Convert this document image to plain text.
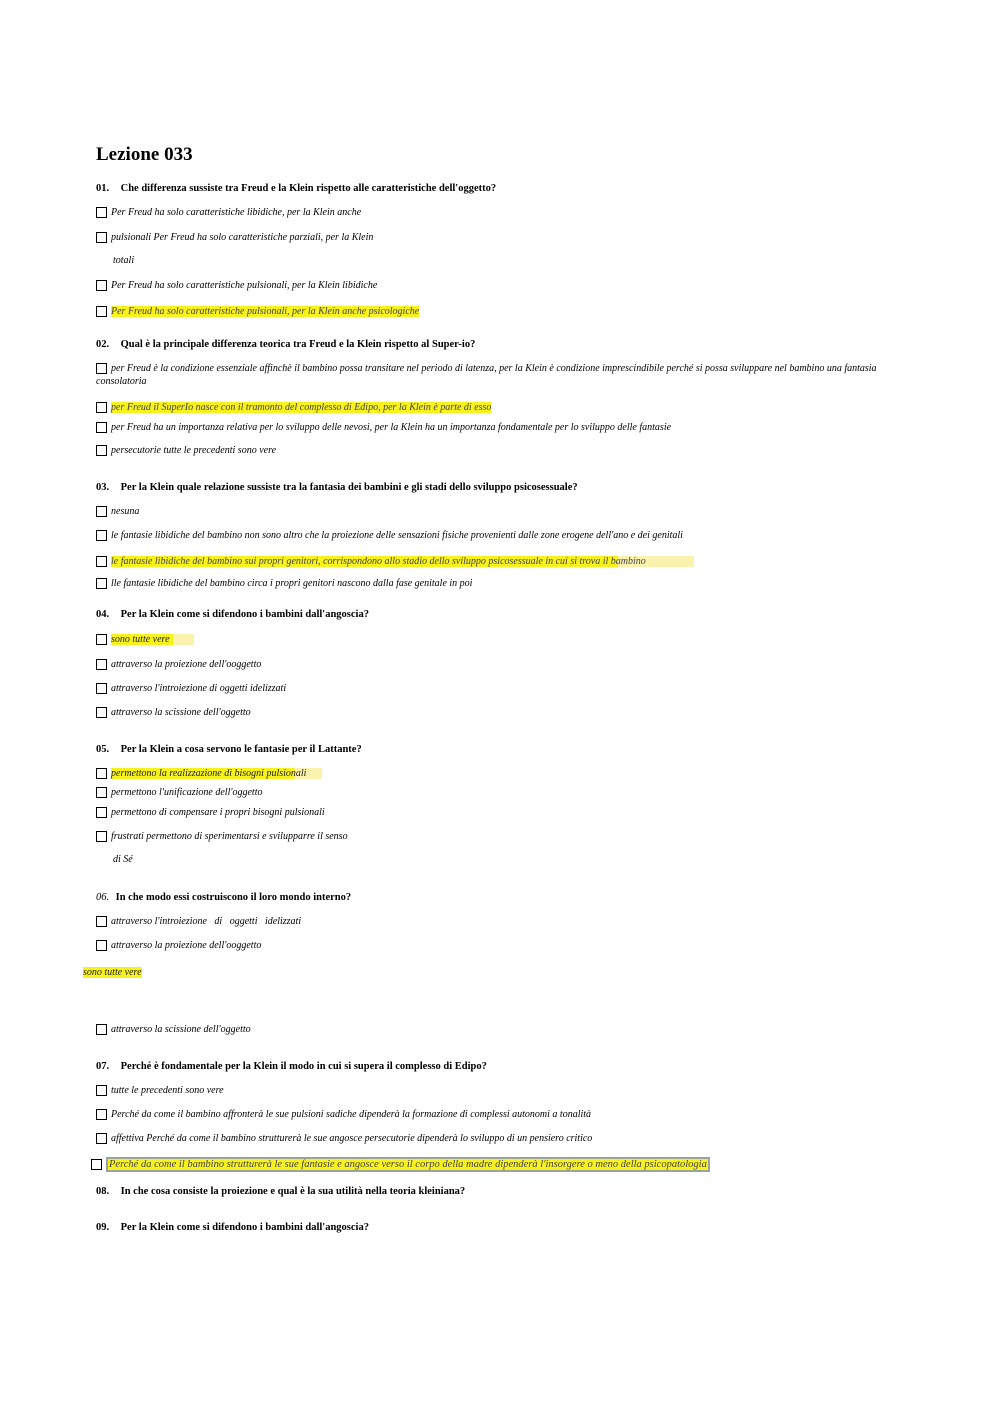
Lezione 033
01. Che differenza sussiste tra Freud e la Klein rispetto alle caratteristiche dell'oggetto?
Per Freud ha solo caratteristiche libidiche, per la Klein anche
pulsionali Per Freud ha solo caratteristiche parziali, per la Klein
totali
Per Freud ha solo caratteristiche pulsionali, per la Klein libidiche
Per Freud ha solo caratteristiche pulsionali, per la Klein anche psicologiche
02. Qual è la principale differenza teorica tra Freud e la Klein rispetto al Super-io?
per Freud è la condizione essenziale affinchè il bambino possa transitare nel periodo di latenza, per la Klein è condizione imprescindibile perché si possa sviluppare nel bambino una fantasia consolatoria
per Freud il SuperIo nasce con il tramonto del complesso di Edipo, per la Klein è parte di esso
per Freud ha un importanza relativa per lo sviluppo delle nevosi, per la Klein ha un importanza fondamentale per lo sviluppo delle fantasie
persecutorie tutte le precedenti sono vere
03. Per la Klein quale relazione sussiste tra la fantasia dei bambini e gli stadi dello sviluppo psicosessuale?
nesuna
le fantasie libidiche del bambino non sono altro che la proiezione delle sensazioni fisiche provenienti dalle zone erogene dell'ano e dei genitali
le fantasie libidiche del bambino sui propri genitori, corrispondono allo stadio dello sviluppo psicosessuale in cui si trova il bambino
lle fantasie libidiche del bambino circa i propri genitori nascono dalla fase genitale in poi
04. Per la Klein come si difendono i bambini dall'angoscia?
sono tutte vere
attraverso la proiezione dell'ooggetto
attraverso l'introiezione di oggetti idelizzati
attraverso la scissione dell'oggetto
05. Per la Klein a cosa servono le fantasie per il Lattante?
permettono la realizzazione di bisogni pulsionali
permettono l'unificazione dell'oggetto
permettono di compensare i propri bisogni pulsionali
frustrati permettono di sperimentarsi e svilupparre il senso
di Sé
06. In che modo essi costruiscono il loro mondo interno?
attraverso l'introiezione   di   oggetti   idelizzati
attraverso la proiezione dell'ooggetto
sono tutte vere
attraverso la scissione dell'oggetto
07. Perché è fondamentale per la Klein il modo in cui si supera il complesso di Edipo?
tutte le precedenti sono vere
Perché da come il bambino affronterà le sue pulsioni sadiche dipenderà la formazione di complessi autonomi a tonalità
affettiva Perché da come il bambino strutturerà le sue angosce persecutorie dipenderà lo sviluppo di un pensiero critico
Perché da come il bambino strutturerà le sue fantasie e angosce verso il corpo della madre dipenderà l'insorgere o meno della psicopatologia
08. In che cosa consiste la proiezione e qual è la sua utilità nella teoria kleiniana?
09. Per la Klein come si difendono i bambini dall'angoscia?
